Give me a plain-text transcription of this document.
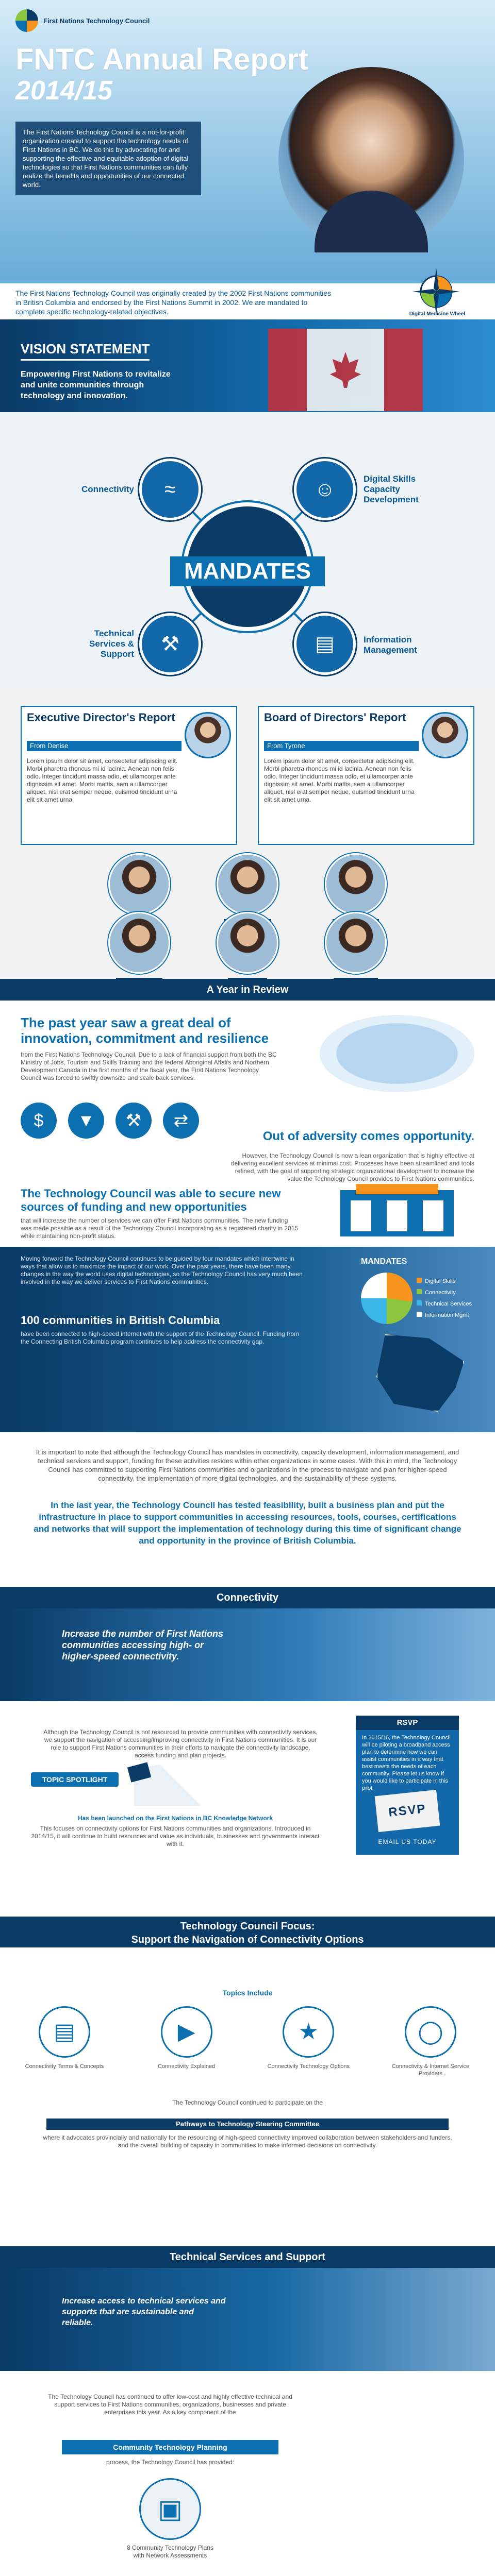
First Nations Technology Council
FNTC Annual Report
2014/15
The First Nations Technology Council is a not-for-profit organization created to support the technology needs of First Nations in BC. We do this by advocating for and supporting the effective and equitable adoption of digital technologies so that First Nations communities can fully realize the benefits and opportunities of our connected world.
The First Nations Technology Council was originally created by the 2002 First Nations communities in British Columbia and endorsed by the First Nations Summit in 2002. We are mandated to complete specific technology-related objectives.	Digital Medicine Wheel
VISION STATEMENT
Empowering First Nations to revitalize and unite communities through technology and innovation.
MANDATES
≈
Connectivity	☺	Digital Skills Capacity Development
⚒
Technical Services & Support	▤	Information Management
Executive Director's Report
From Denise
Lorem ipsum dolor sit amet, consectetur adipiscing elit. Morbi pharetra rhoncus mi id lacinia. Aenean non felis odio. Integer tincidunt massa odio, et ullamcorper ante dignissim sit amet. Morbi mattis, sem a ullamcorper aliquet, nisl erat semper neque, euismod tincidunt urna elit sit amet urna.
Board of Directors' Report
From Tyrone
Lorem ipsum dolor sit amet, consectetur adipiscing elit. Morbi pharetra rhoncus mi id lacinia. Aenean non felis odio. Integer tincidunt massa odio, et ullamcorper ante dignissim sit amet. Morbi mattis, sem a ullamcorper aliquet, nisl erat semper neque, euismod tincidunt urna elit sit amet urna.
A Year in Review
The past year saw a great deal of innovation, commitment and resilience
from the First Nations Technology Council. Due to a lack of financial support from both the BC Ministry of Jobs, Tourism and Skills Training and the federal Aboriginal Affairs and Northern Development Canada in the first months of the fiscal year, the First Nations Technology Council was forced to swiftly downsize and scale back services.
$	▼	⚒	⇄
Out of adversity comes opportunity.
However, the Technology Council is now a lean organization that is highly effective at delivering excellent services at minimal cost. Processes have been streamlined and tools refined, with the goal of supporting strategic organizational development to increase the value the Technology Council provides to First Nations communities.
The Technology Council was able to secure new sources of funding and new opportunities
that will increase the number of services we can offer First Nations communities. The new funding was made possible as a result of the Technology Council incorporating as a registered charity in 2015 while maintaining non-profit status.
Moving forward the Technology Council continues to be guided by four mandates which intertwine in ways that allow us to maximize the impact of our work. Over the past years, there have been many changes in the way the world uses digital technologies, so the Technology Council has very much been involved in the way we deliver services to First Nations communities.
100 communities in British Columbia
have been connected to high-speed internet with the support of the Technology Council. Funding from the Connecting British Columbia program continues to help address the connectivity gap.
MANDATES
Digital Skills
Connectivity
Technical Services
Information Mgmt
It is important to note that although the Technology Council has mandates in connectivity, capacity development, information management, and technical services and support, funding for these activities resides within other organizations in some cases. With this in mind, the Technology Council has committed to supporting First Nations communities and organizations in the process to navigate and plan for higher-speed connectivity, the implementation of more digital technologies, and the sustainability of these systems.
In the last year, the Technology Council has tested feasibility, built a business plan and put the infrastructure in place to support communities in accessing resources, tools, courses, certifications and networks that will support the implementation of technology during this time of significant change and opportunity in the province of British Columbia.
Connectivity
Increase the number of First Nations communities accessing high- or higher-speed connectivity.
Although the Technology Council is not resourced to provide communities with connectivity services, we support the navigation of accessing/improving connectivity in First Nations communities. It is our role to support First Nations communities in their efforts to navigate the connectivity landscape, access funding and plan projects.
RSVP
In 2015/16, the Technology Council will be piloting a broadband access plan to determine how we can assist communities in a way that best meets the needs of each community. Please let us know if you would like to participate in this pilot.
RSVP
EMAIL US TODAY
TOPIC SPOTLIGHT
Has been launched on the First Nations in BC Knowledge Network
This focuses on connectivity options for First Nations communities and organizations. Introduced in 2014/15, it will continue to build resources and value as individuals, businesses and governments interact with it.
Technology Council Focus:
Support the Navigation of Connectivity Options
Topics Include
▤
Connectivity Terms & Concepts
▶
Connectivity Explained
★
Connectivity Technology Options
◯
Connectivity & Internet Service Providers
The Technology Council continued to participate on the
Pathways to Technology Steering Committee
where it advocates provincially and nationally for the resourcing of high-speed connectivity improved collaboration between stakeholders and funders, and the overall building of capacity in communities to make informed decisions on connectivity.
Technical Services and Support
Increase access to technical services and supports that are sustainable and reliable.
The Technology Council has continued to offer low-cost and highly effective technical and support services to First Nations communities, organizations, businesses and private enterprises this year. As a key component of the
Community Technology Planning
process, the Technology Council has provided:
▣
8 Community Technology Plans with Network Assessments
